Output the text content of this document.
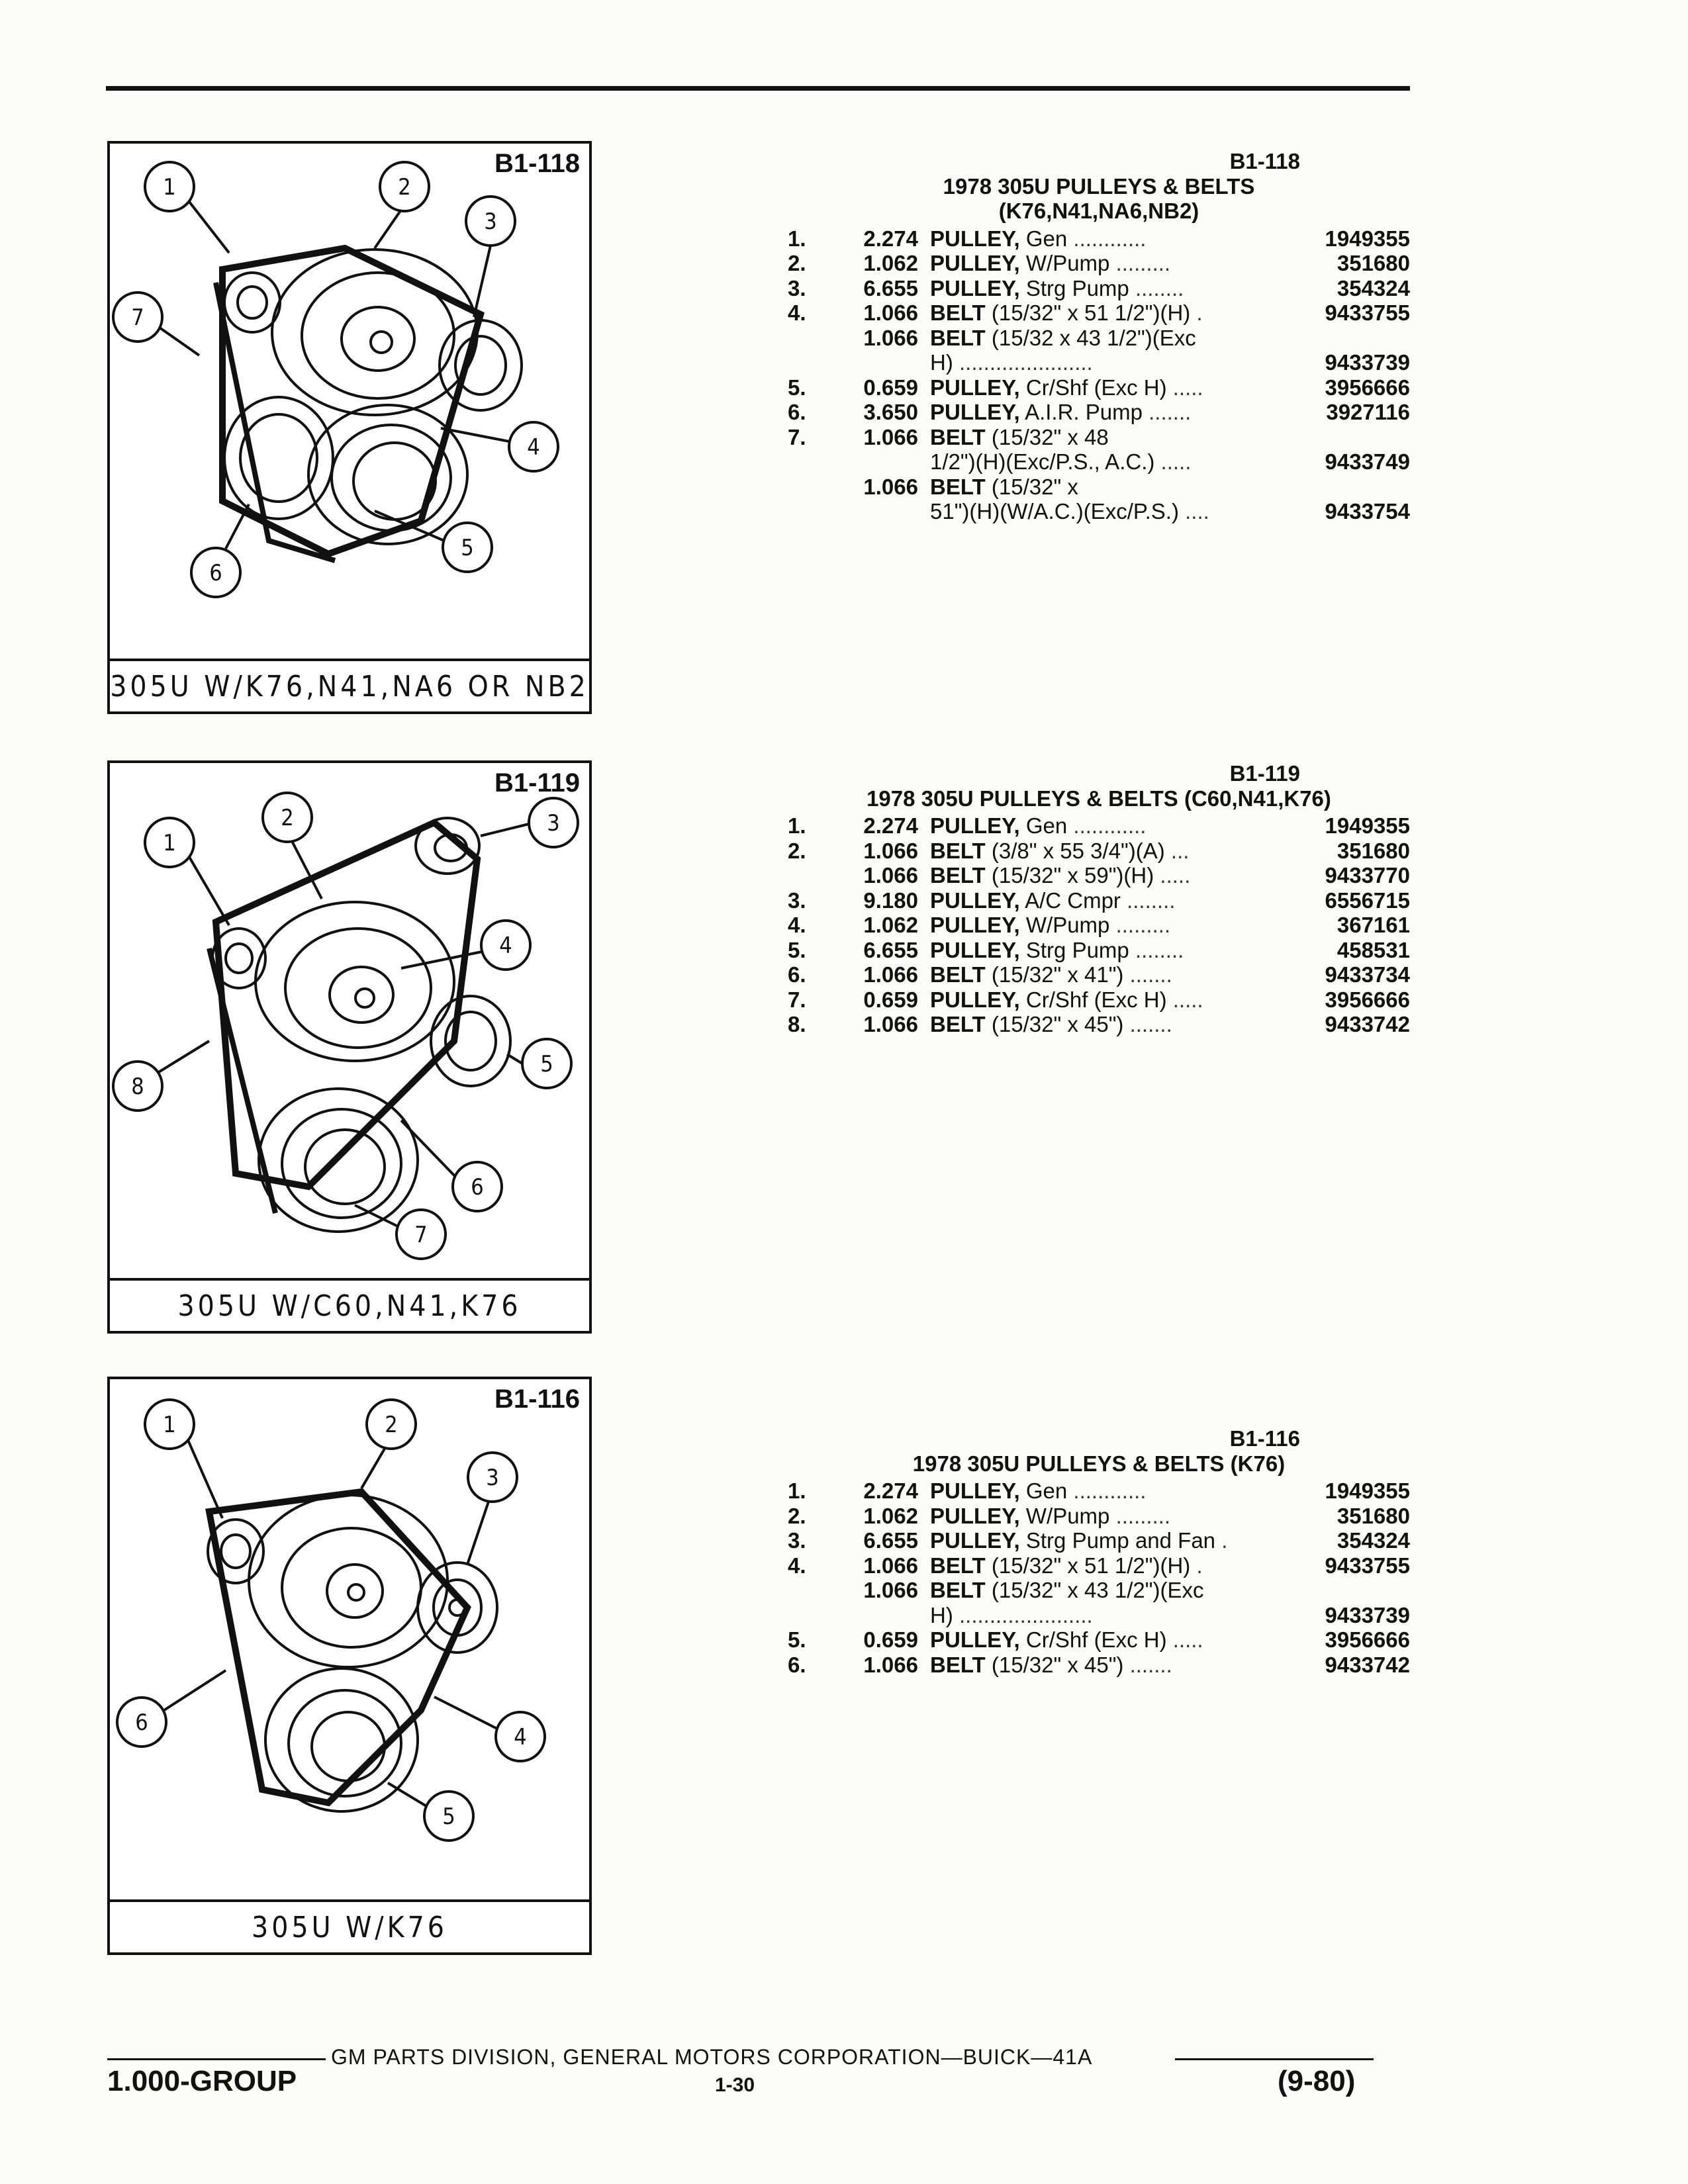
B1-118
1	2
3
4
5
6
7
305U W/K76,N41,NA6 OR NB2
B1-119
1
2	3
4
5
6
7
8
305U W/C60,N41,K76
B1-116
1	2
3
4
5
6
305U W/K76
B1-118
1978 305U PULLEYS & BELTS
(K76,N41,NA6,NB2)
1.	2.274 PULLEY, Gen ............	1949355
2.	1.062 PULLEY, W/Pump .........	351680
3.	6.655 PULLEY, Strg Pump ........	354324
4.	1.066 BELT (15/32" x 51 1/2")(H) .	9433755
1.066 BELT (15/32 x 43 1/2")(Exc
H) ......................	9433739
5.	0.659 PULLEY, Cr/Shf (Exc H) .....	3956666
6.	3.650 PULLEY, A.I.R. Pump .......	3927116
7.	1.066 BELT (15/32" x 48
1/2")(H)(Exc/P.S., A.C.) .....	9433749
1.066 BELT (15/32" x
51")(H)(W/A.C.)(Exc/P.S.) ....	9433754
B1-119
1978 305U PULLEYS & BELTS (C60,N41,K76)
1.	2.274 PULLEY, Gen ............	1949355
2.	1.066 BELT (3/8" x 55 3/4")(A) ...	351680
1.066 BELT (15/32" x 59")(H) .....	9433770
3.	9.180 PULLEY, A/C Cmpr ........	6556715
4.	1.062 PULLEY, W/Pump .........	367161
5.	6.655 PULLEY, Strg Pump ........	458531
6.	1.066 BELT (15/32" x 41") .......	9433734
7.	0.659 PULLEY, Cr/Shf (Exc H) .....	3956666
8.	1.066 BELT (15/32" x 45") .......	9433742
B1-116
1978 305U PULLEYS & BELTS (K76)
1.	2.274 PULLEY, Gen ............	1949355
2.	1.062 PULLEY, W/Pump .........	351680
3.	6.655 PULLEY, Strg Pump and Fan .	354324
4.	1.066 BELT (15/32" x 51 1/2")(H) .	9433755
1.066 BELT (15/32" x 43 1/2")(Exc
H) ......................	9433739
5.	0.659 PULLEY, Cr/Shf (Exc H) .....	3956666
6.	1.066 BELT (15/32" x 45") .......	9433742
GM PARTS DIVISION, GENERAL MOTORS CORPORATION—BUICK—41A
1.000-GROUP	1-30	(9-80)
